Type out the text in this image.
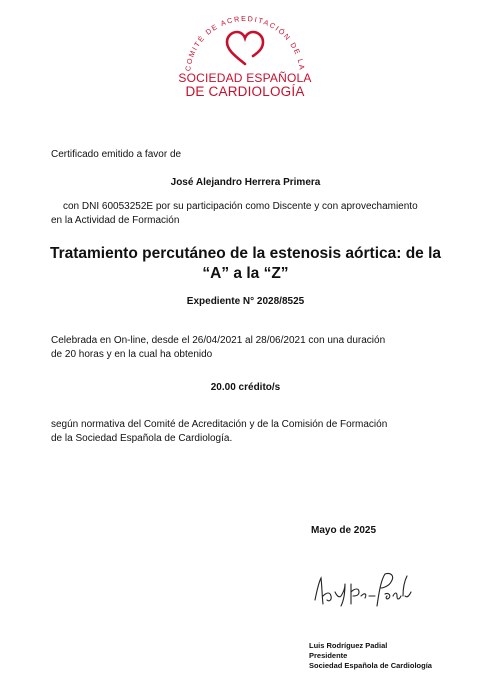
COMITÉ DE ACREDITACIÓN DE LA
SOCIEDAD ESPAÑOLA
DE CARDIOLOGÍA
Certificado emitido a favor de
José Alejandro Herrera Primera
con DNI 60053252E por su participación como Discente y con aprovechamiento
en la Actividad de Formación
Tratamiento percutáneo de la estenosis aórtica: de la
“A” a la “Z”
Expediente N° 2028/8525
Celebrada en On-line, desde el 26/04/2021 al 28/06/2021 con una duración
de 20 horas y en la cual ha obtenido
20.00 crédito/s
según normativa del Comité de Acreditación y de la Comisión de Formación
de la Sociedad Española de Cardiología.
Mayo de 2025
Luis Rodríguez Padial
Presidente
Sociedad Española de Cardiología
